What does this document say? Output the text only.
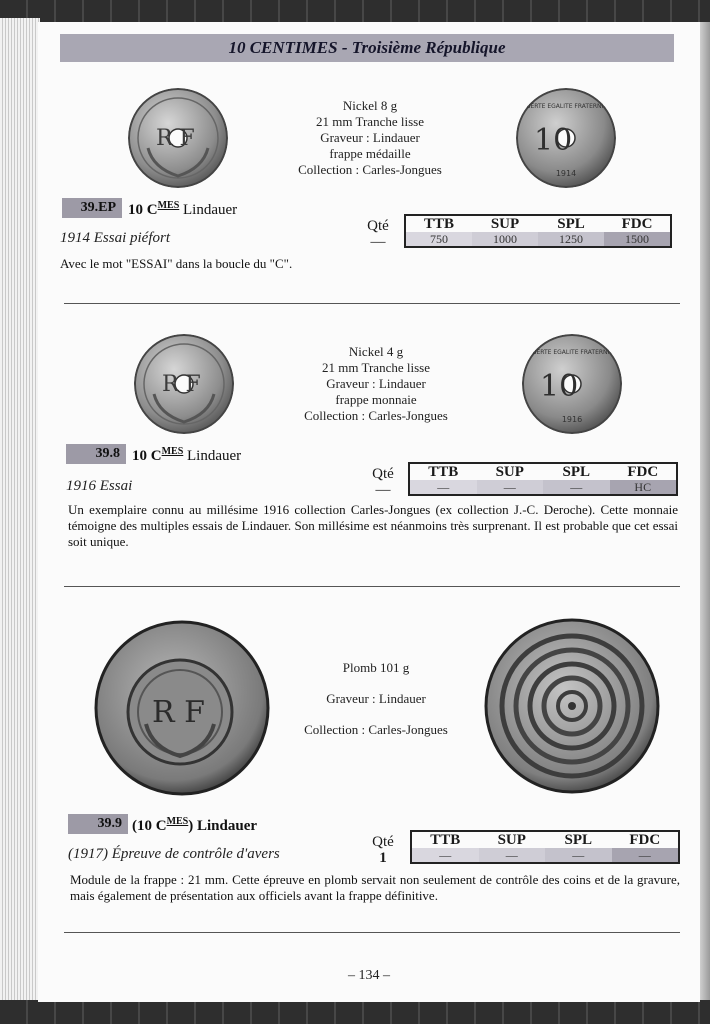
10 CENTIMES - Troisième République
R F
Nickel 8 g
21 mm Tranche lisse
Graveur : Lindauer
frappe médaille
Collection : Carles-Jongues
10
LIBERTE EGALITE FRATERNITE
1914
39.EP 10 $C^{MES}$ Lindauer
1914 Essai piéfort
Qté
—
TTB	SUP	SPL	FDC
750	1000	1250	1500
Avec le mot "ESSAI" dans la boucle du "C".
R F
Nickel 4 g
21 mm Tranche lisse
Graveur : Lindauer
frappe monnaie
Collection : Carles-Jongues
10
LIBERTE EGALITE FRATERNITE
1916
39.8 10 $C^{MES}$ Lindauer
1916 Essai
Qté
—
TTB	SUP	SPL	FDC
—	—	—	HC
Un exemplaire connu au millésime 1916 collection Carles-Jongues (ex collection J.-C. Deroche). Cette monnaie témoigne des multiples essais de Lindauer. Son millésime est néanmoins très surprenant. Il est probable que cet essai soit unique.
R F
Plomb 101 g
Graveur : Lindauer
Collection : Carles-Jongues
39.9 (10 $C^{MES}$) Lindauer
(1917) Épreuve de contrôle d'avers
Qté
1
TTB	SUP	SPL	FDC
—	—	—	—
Module de la frappe : 21 mm. Cette épreuve en plomb servait non seulement de contrôle des coins et de la gravure, mais également de présentation aux officiels avant la frappe définitive.
– 134 –
